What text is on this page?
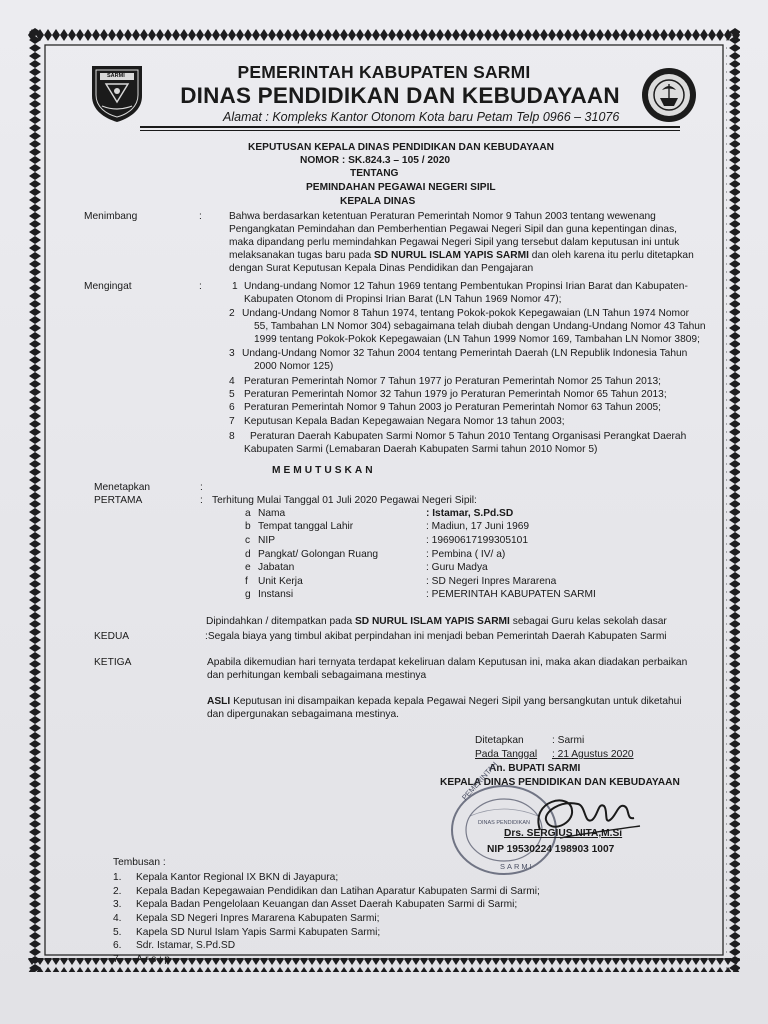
SARMI	PEMERINTAH KABUPATEN SARMI
DINAS PENDIDIKAN DAN KEBUDAYAAN
Alamat : Kompleks Kantor Otonom Kota baru Petam Telp 0966 – 31076
KEPUTUSAN KEPALA DINAS PENDIDIKAN DAN KEBUDAYAAN
NOMOR : SK.824.3 – 105 / 2020
TENTANG
PEMINDAHAN PEGAWAI NEGERI SIPIL
KEPALA DINAS
Menimbang	:	Bahwa berdasarkan ketentuan Peraturan Pemerintah Nomor 9 Tahun 2003 tentang wewenang
Pengangkatan Pemindahan dan Pemberhentian Pegawai Negeri Sipil dan guna kepentingan dinas,
maka dipandang perlu memindahkan Pegawai Negeri Sipil yang tersebut dalam keputusan ini untuk
melaksanakan tugas baru pada SD NURUL ISLAM YAPIS SARMI dan oleh karena itu perlu ditetapkan
dengan Surat Keputusan Kepala Dinas Pendidikan dan Pengajaran
Mengingat	:	1 Undang-undang Nomor 12 Tahun 1969 tentang Pembentukan Propinsi Irian Barat dan Kabupaten-
Kabupaten Otonom di Propinsi Irian Barat (LN Tahun 1969 Nomor 47);
2 Undang-Undang Nomor 8 Tahun 1974, tentang Pokok-pokok Kepegawaian (LN Tahun 1974 Nomor
55, Tambahan LN Nomor 304) sebagaimana telah diubah dengan Undang-Undang Nomor 43 Tahun
1999 tentang Pokok-Pokok Kepegawaian (LN Tahun 1999 Nomor 169, Tambahan LN Nomor 3809;
3 Undang-Undang Nomor 32 Tahun 2004 tentang Pemerintah Daerah (LN Republik Indonesia Tahun
2000 Nomor 125)
4 Peraturan Pemerintah Nomor 7 Tahun 1977 jo Peraturan Pemerintah Nomor 25 Tahun 2013;
5 Peraturan Pemerintah Nomor 32 Tahun 1979 jo Peraturan Pemerintah Nomor 65 Tahun 2013;
6 Peraturan Pemerintah Nomor 9 Tahun 2003 jo Peraturan Pemerintah Nomor 63 Tahun 2005;
7 Keputusan Kepala Badan Kepegawaian Negara Nomor 13 tahun 2003;
8 Peraturan Daerah Kabupaten Sarmi Nomor 5 Tahun 2010 Tentang Organisasi Perangkat Daerah
Kabupaten Sarmi (Lemabaran Daerah Kabupaten Sarmi tahun 2010 Nomor 5)
MEMUTUSKAN
Menetapkan	:
PERTAMA	: Terhitung Mulai Tanggal 01 Juli 2020 Pegawai Negeri Sipil:
a Nama	: Istamar, S.Pd.SD
b Tempat tanggal Lahir	: Madiun, 17 Juni 1969
c NIP	: 19690617199305101
d Pangkat/ Golongan Ruang	: Pembina ( IV/ a)
e Jabatan	: Guru Madya
f Unit Kerja	: SD Negeri Inpres Mararena
g Instansi	: PEMERINTAH KABUPATEN SARMI
Dipindahkan / ditempatkan pada SD NURUL ISLAM YAPIS SARMI sebagai Guru kelas sekolah dasar
KEDUA	:Segala biaya yang timbul akibat perpindahan ini menjadi beban Pemerintah Daerah Kabupaten Sarmi
KETIGA	Apabila dikemudian hari ternyata terdapat kekeliruan dalam Keputusan ini, maka akan diadakan perbaikan
dan perhitungan kembali sebagaimana mestinya
ASLI Keputusan ini disampaikan kepada kepala Pegawai Negeri Sipil yang bersangkutan untuk diketahui
dan dipergunakan sebagaimana mestinya.
Ditetapkan	: Sarmi
Pada Tanggal : 21 Agustus 2020
An. BUPATI SARMI
KEPALA DINAS PENDIDIKAN DAN KEBUDAYAAN
PEMERINTAH
DINAS PENDIDIKAN
SARMI
Drs. SERGIUS NITA,M.Si
NIP 19530224 198903 1007
Tembusan :
1. Kepala Kantor Regional IX BKN di Jayapura;
2. Kepala Badan Kepegawaian Pendidikan dan Latihan Aparatur Kabupaten Sarmi di Sarmi;
3. Kepala Badan Pengelolaan Keuangan dan Asset Daerah Kabupaten Sarmi di Sarmi;
4. Kepala SD Negeri Inpres Mararena Kabupaten Sarmi;
5. Kapela SD Nurul Islam Yapis Sarmi Kabupaten Sarmi;
6. Sdr. Istamar, S.Pd.SD
7. A r s i p
